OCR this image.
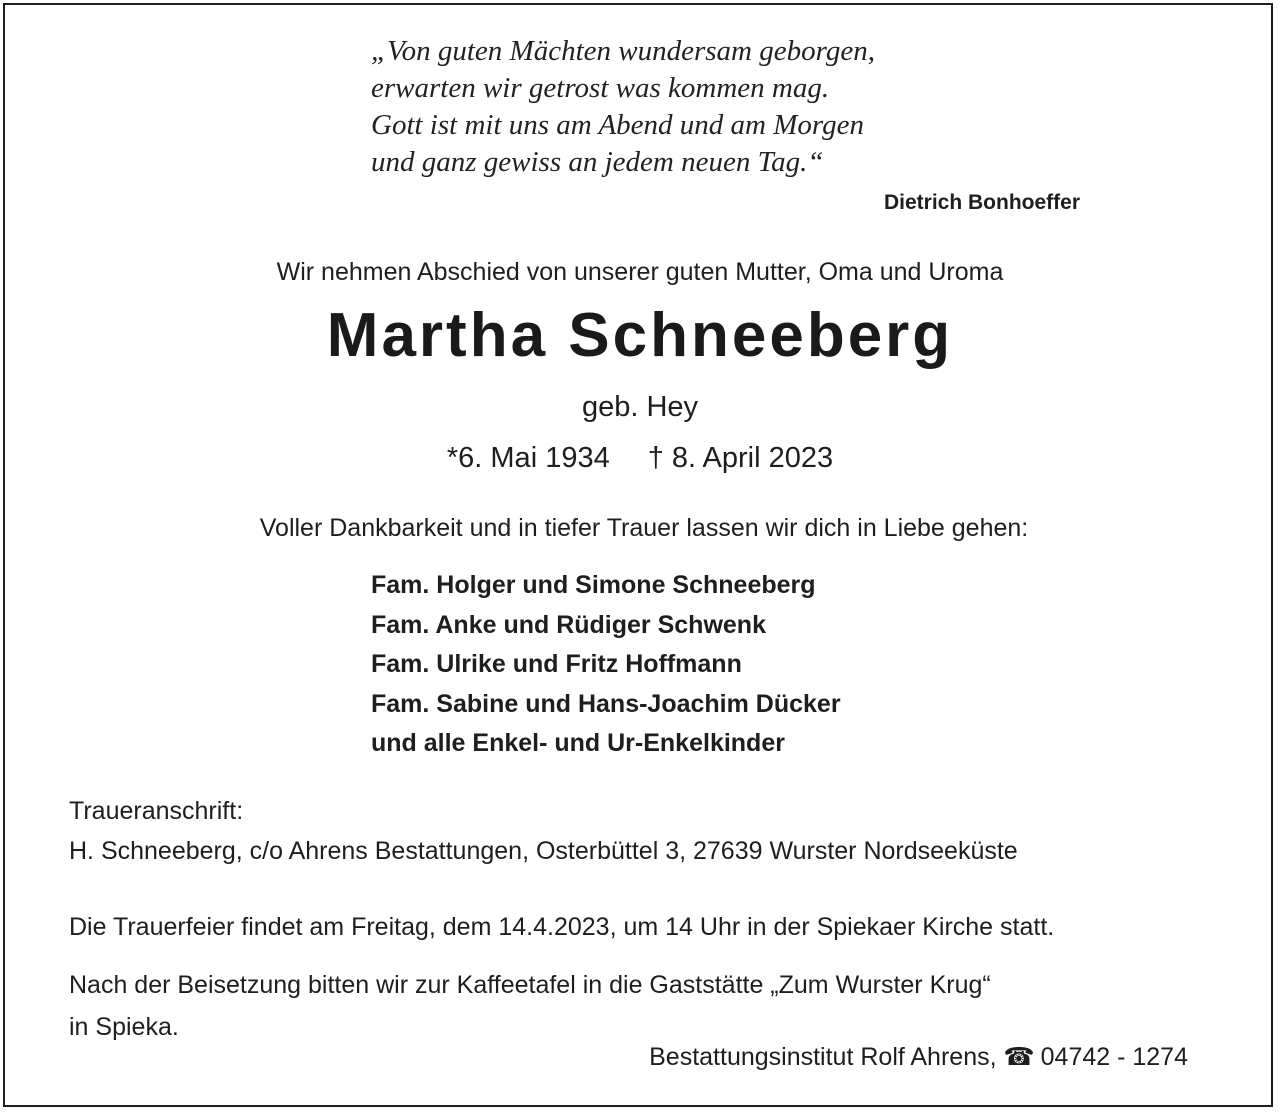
„Von guten Mächten wundersam geborgen,
erwarten wir getrost was kommen mag.
Gott ist mit uns am Abend und am Morgen
und ganz gewiss an jedem neuen Tag.“
Dietrich Bonhoeffer
Wir nehmen Abschied von unserer guten Mutter, Oma und Uroma
Martha Schneeberg
geb. Hey
*6. Mai 1934 † 8. April 2023
Voller Dankbarkeit und in tiefer Trauer lassen wir dich in Liebe gehen:
Fam. Holger und Simone Schneeberg
Fam. Anke und Rüdiger Schwenk
Fam. Ulrike und Fritz Hoffmann
Fam. Sabine und Hans-Joachim Dücker
und alle Enkel- und Ur-Enkelkinder
Traueranschrift:
H. Schneeberg, c/o Ahrens Bestattungen, Osterbüttel 3, 27639 Wurster Nordseeküste
Die Trauerfeier findet am Freitag, dem 14.4.2023, um 14 Uhr in der Spiekaer Kirche statt.
Nach der Beisetzung bitten wir zur Kaffeetafel in die Gaststätte „Zum Wurster Krug“
in Spieka.
Bestattungsinstitut Rolf Ahrens, ☎ 04742 - 1274
